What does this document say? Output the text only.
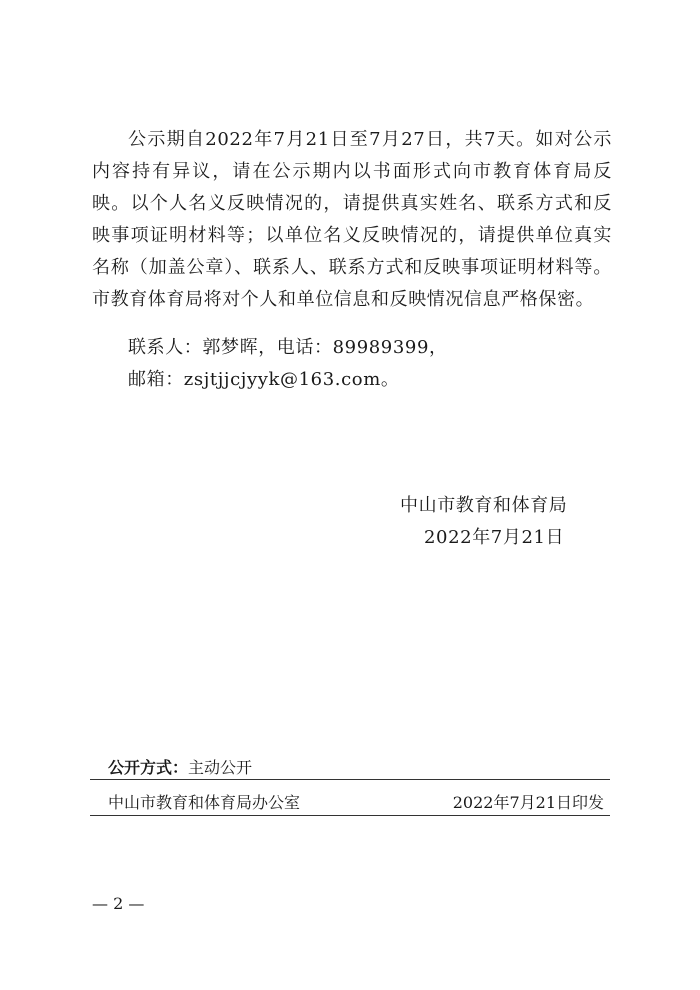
公示期自2022年7月21日至7月27日，共7天。如对公示内容持有异议，请在公示期内以书面形式向市教育体育局反映。以个人名义反映情况的，请提供真实姓名、联系方式和反映事项证明材料等；以单位名义反映情况的，请提供单位真实名称（加盖公章）、联系人、联系方式和反映事项证明材料等。市教育体育局将对个人和单位信息和反映情况信息严格保密。
联系人：郭梦晖，电话：89989399，
邮箱：zsjtjjcjyyk@163.com。
中山市教育和体育局
2022年7月21日
公开方式：主动公开
中山市教育和体育局办公室	2022年7月21日印发
— 2 —
